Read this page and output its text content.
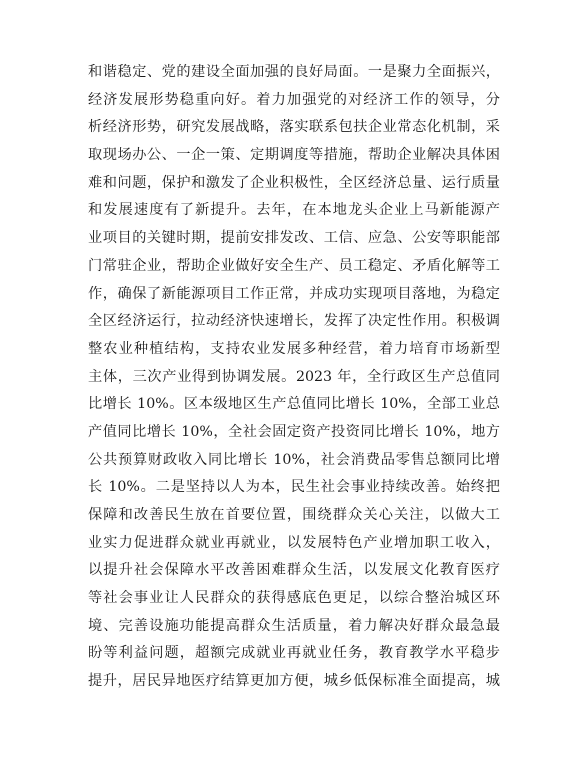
和谐稳定、党的建设全面加强的良好局面。一是聚力全面振兴，
经济发展形势稳重向好。着力加强党的对经济工作的领导，分
析经济形势，研究发展战略，落实联系包扶企业常态化机制，采
取现场办公、一企一策、定期调度等措施，帮助企业解决具体困
难和问题，保护和激发了企业积极性，全区经济总量、运行质量
和发展速度有了新提升。去年，在本地龙头企业上马新能源产
业项目的关键时期，提前安排发改、工信、应急、公安等职能部
门常驻企业，帮助企业做好安全生产、员工稳定、矛盾化解等工
作，确保了新能源项目工作正常，并成功实现项目落地，为稳定
全区经济运行，拉动经济快速增长，发挥了决定性作用。积极调
整农业种植结构，支持农业发展多种经营，着力培育市场新型
主体，三次产业得到协调发展。2023 年，全行政区生产总值同
比增长 10%。区本级地区生产总值同比增长 10%，全部工业总
产值同比增长 10%，全社会固定资产投资同比增长 10%，地方
公共预算财政收入同比增长 10%，社会消费品零售总额同比增
长 10%。二是坚持以人为本，民生社会事业持续改善。始终把
保障和改善民生放在首要位置，围绕群众关心关注，以做大工
业实力促进群众就业再就业，以发展特色产业增加职工收入，
以提升社会保障水平改善困难群众生活，以发展文化教育医疗
等社会事业让人民群众的获得感底色更足，以综合整治城区环
境、完善设施功能提高群众生活质量，着力解决好群众最急最
盼等利益问题，超额完成就业再就业任务，教育教学水平稳步
提升，居民异地医疗结算更加方便，城乡低保标准全面提高，城
